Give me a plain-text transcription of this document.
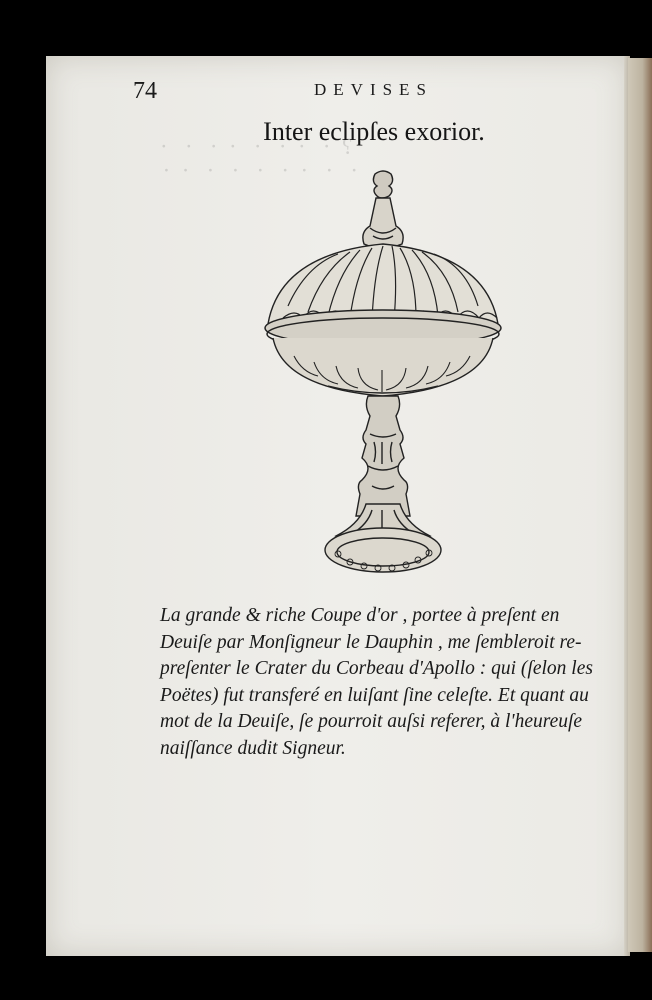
?  ·   ·  ·   ·   ·  ·   ·   ·
·   ·   ·  ·   ·   ·   ·   ·  ·
74	DEVISES
Inter eclipſes exorior.
La grande & riche Coupe d'or , portee à preſent en
Deuiſe par Monſigneur le Dauphin , me ſembleroit re-
preſenter le Crater du Corbeau d'Apollo : qui (ſelon les
Poëtes) fut transferé en luiſant ſine celeſte. Et quant au
mot de la Deuiſe, ſe pourroit auſsi referer, à l'heureuſe
naiſſance dudit Signeur.
